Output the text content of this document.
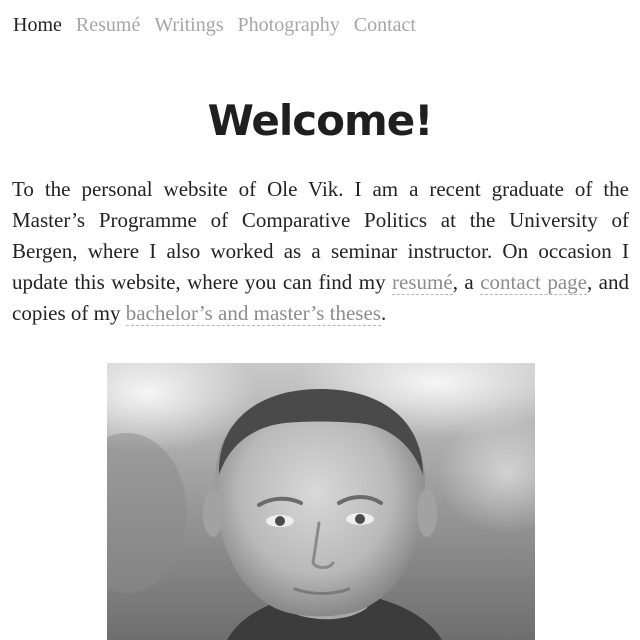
Home Resumé Writings Photography Contact
Welcome!

To the personal website of Ole Vik. I am a recent graduate of the Master’s Programme of Comparative Politics at the University of Bergen, where I also worked as a seminar instructor. On occasion I update this website, where you can find my resumé, a contact page, and copies of my bachelor’s and master’s theses.
